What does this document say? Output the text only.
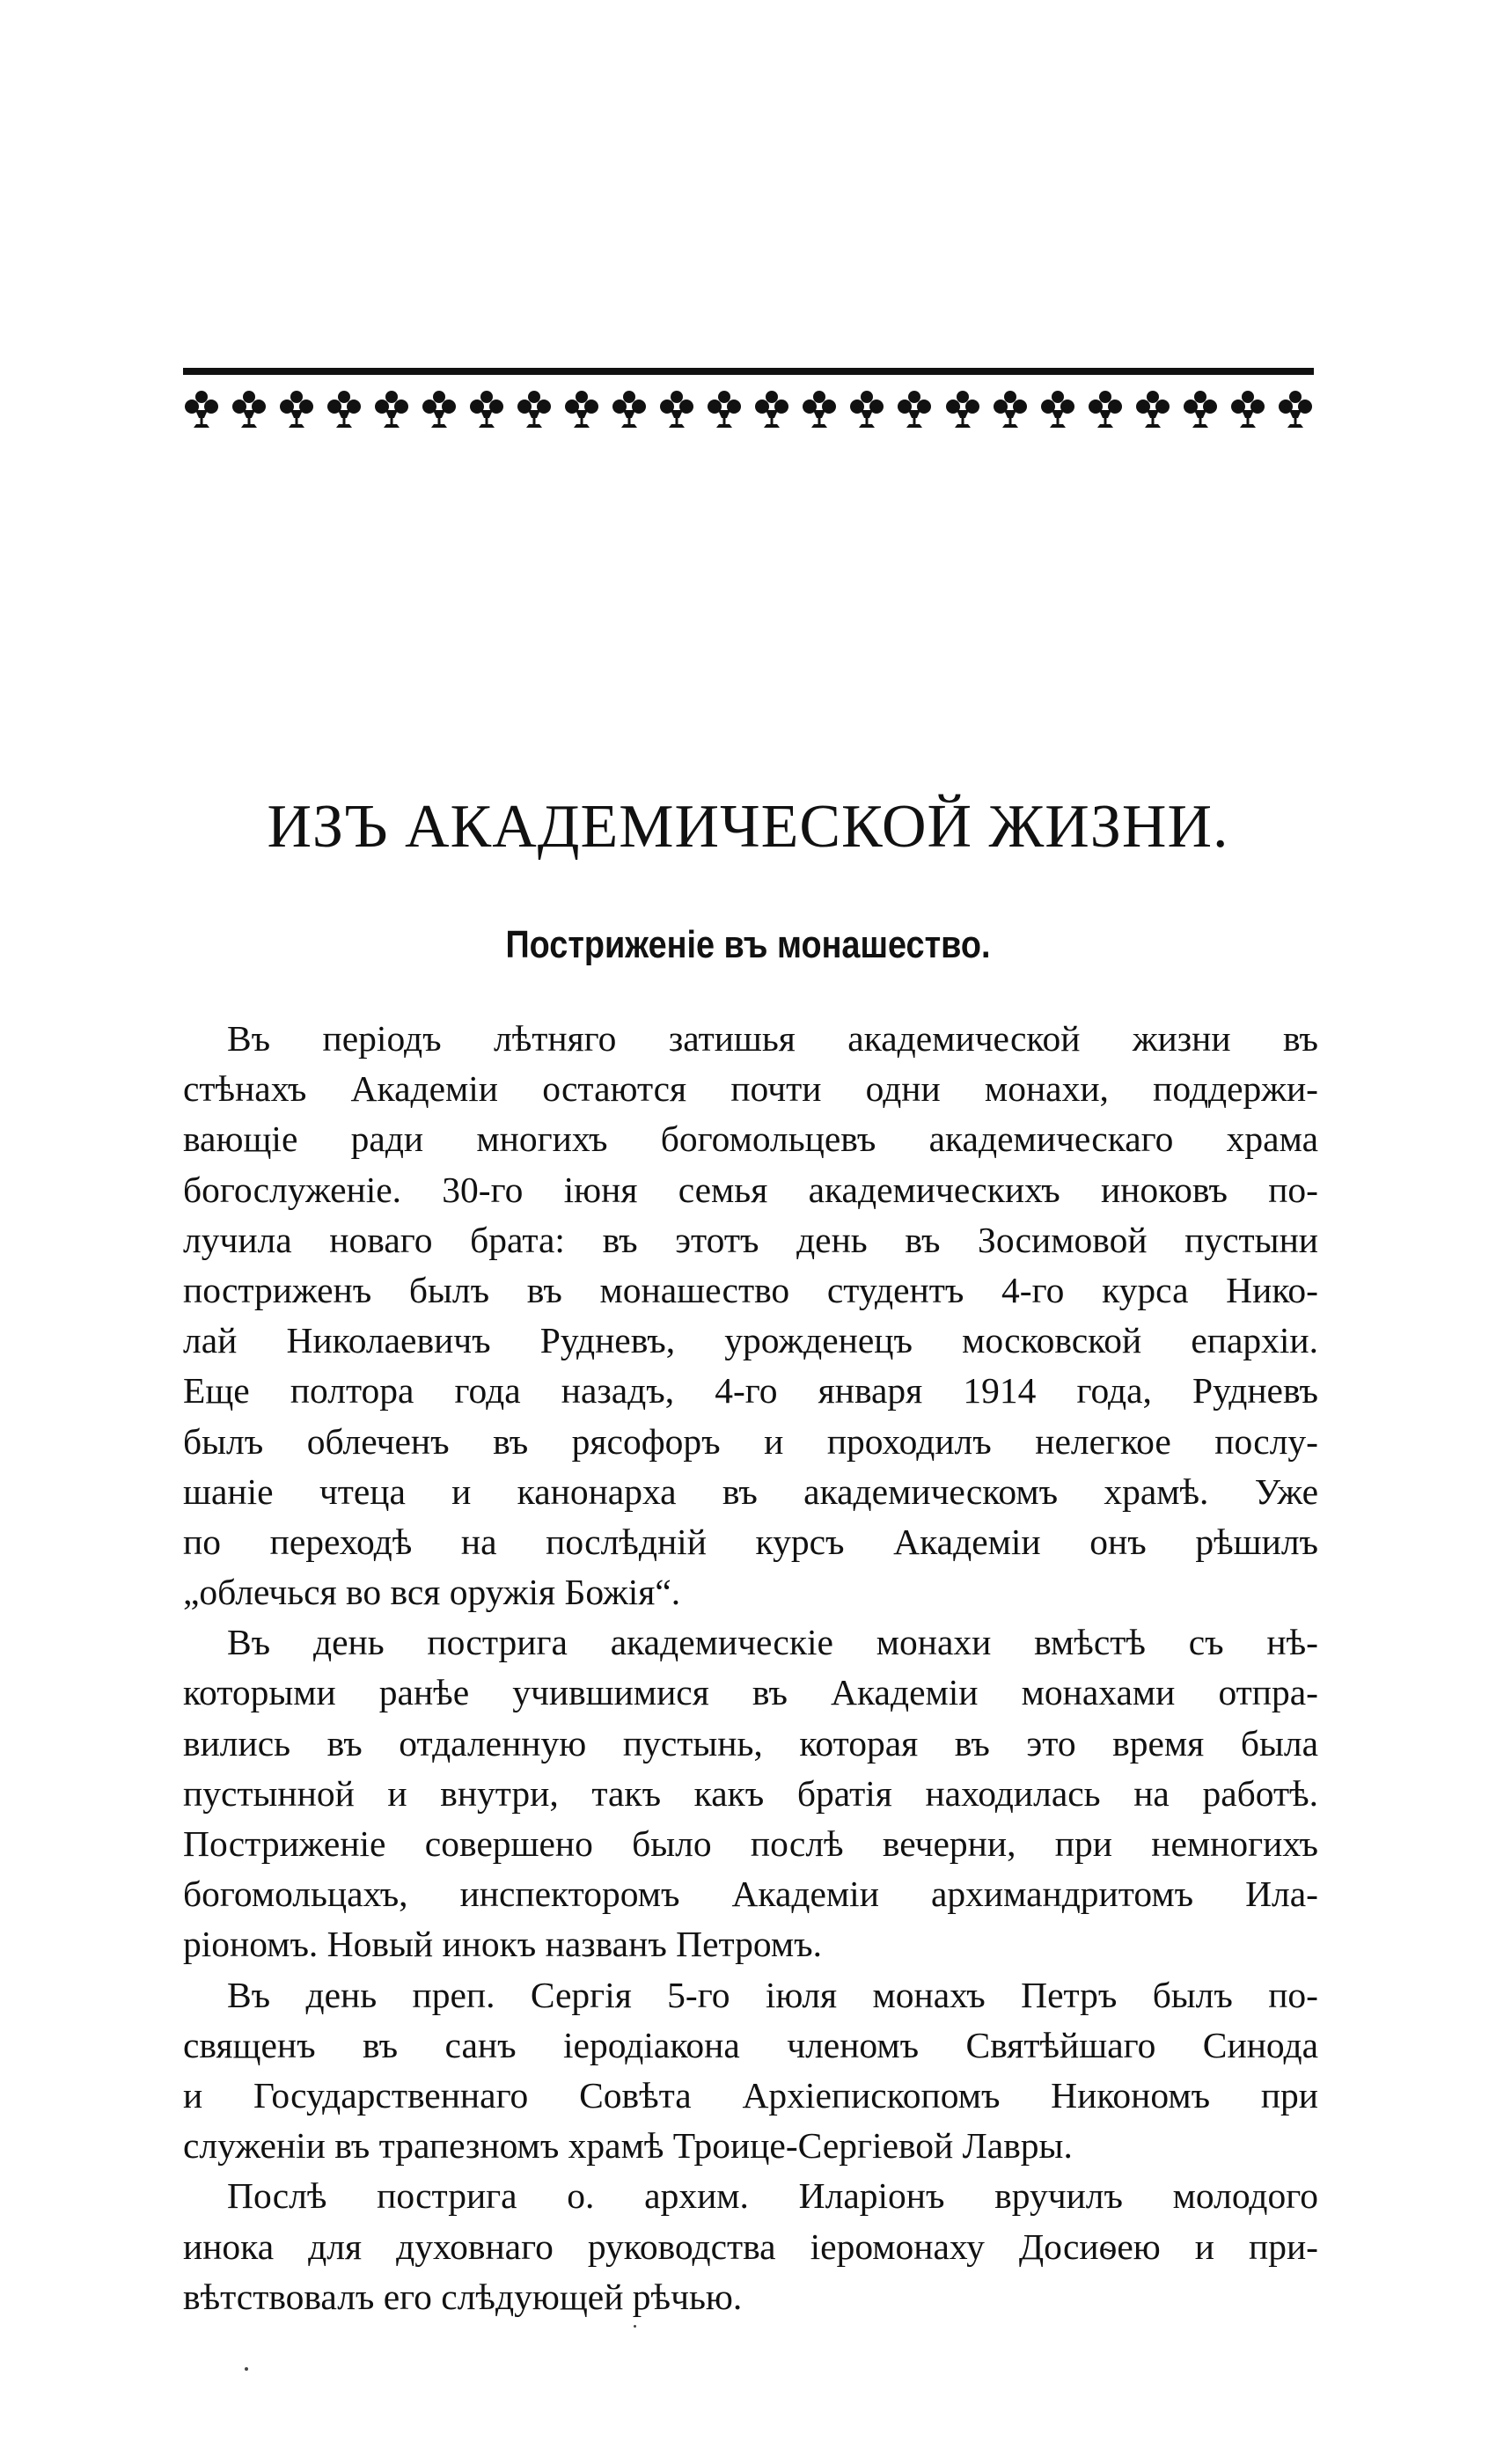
ИЗЪ АКАДЕМИЧЕСКОЙ ЖИЗНИ.
Постриженіе въ монашество.
Въ періодъ лѣтняго затишья академической жизни въ
стѣнахъ Академіи остаются почти одни монахи, поддержи-
вающіе ради многихъ богомольцевъ академическаго храма
богослуженіе. 30-го іюня семья академическихъ иноковъ по-
лучила новаго брата: въ этотъ день въ Зосимовой пустыни
постриженъ былъ въ монашество студентъ 4-го курса Нико-
лай Николаевичъ Рудневъ, урожденецъ московской епархіи.
Еще полтора года назадъ, 4-го января 1914 года, Рудневъ
былъ облеченъ въ рясофоръ и проходилъ нелегкое послу-
шаніе чтеца и канонарха въ академическомъ храмѣ. Уже
по переходѣ на послѣдній курсъ Академіи онъ рѣшилъ
„облечься во вся оружія Божія“.
Въ день пострига академическіе монахи вмѣстѣ съ нѣ-
которыми ранѣе учившимися въ Академіи монахами отпра-
вились въ отдаленную пустынь, которая въ это время была
пустынной и внутри, такъ какъ братія находилась на работѣ.
Постриженіе совершено было послѣ вечерни, при немногихъ
богомольцахъ, инспекторомъ Академіи архимандритомъ Ила-
ріономъ. Новый инокъ названъ Петромъ.
Въ день преп. Сергія 5-го іюля монахъ Петръ былъ по-
священъ въ санъ іеродіакона членомъ Святѣйшаго Синода
и Государственнаго Совѣта Архіепископомъ Никономъ при
служеніи въ трапезномъ храмѣ Троице-Сергіевой Лавры.
Послѣ пострига о. архим. Иларіонъ вручилъ молодого
инока для духовнаго руководства іеромонаху Досиѳею и при-
вѣтствовалъ его слѣдующей рѣчью.
